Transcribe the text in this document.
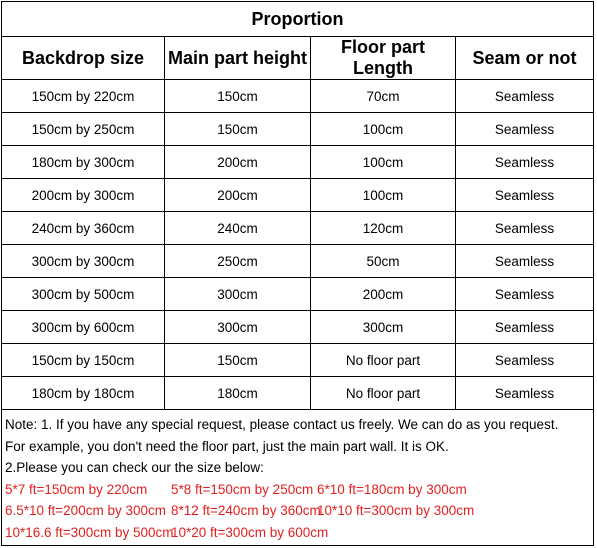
Proportion			
Backdrop size	Main part height	Floor part Length	Seam or not
150cm by 220cm	150cm	70cm	Seamless
150cm by 250cm	150cm	100cm	Seamless
180cm by 300cm	200cm	100cm	Seamless
200cm by 300cm	200cm	100cm	Seamless
240cm by 360cm	240cm	120cm	Seamless
300cm by 300cm	250cm	50cm	Seamless
300cm by 500cm	300cm	200cm	Seamless
300cm by 600cm	300cm	300cm	Seamless
150cm by 150cm	150cm	No floor part	Seamless
180cm by 180cm	180cm	No floor part	Seamless
Note: 1. If you have any special request, please contact us freely. We can do as you request.
For example, you don't need the floor part, just the main part wall. It is OK.
2.Please you can check our the size below:
5*7 ft=150cm by 220cm 5*8 ft=150cm by 250cm 6*10 ft=180cm by 300cm
6.5*10 ft=200cm by 300cm 8*12 ft=240cm by 360cm10*10 ft=300cm by 300cm
10*16.6 ft=300cm by 500cm10*20 ft=300cm by 600cm
